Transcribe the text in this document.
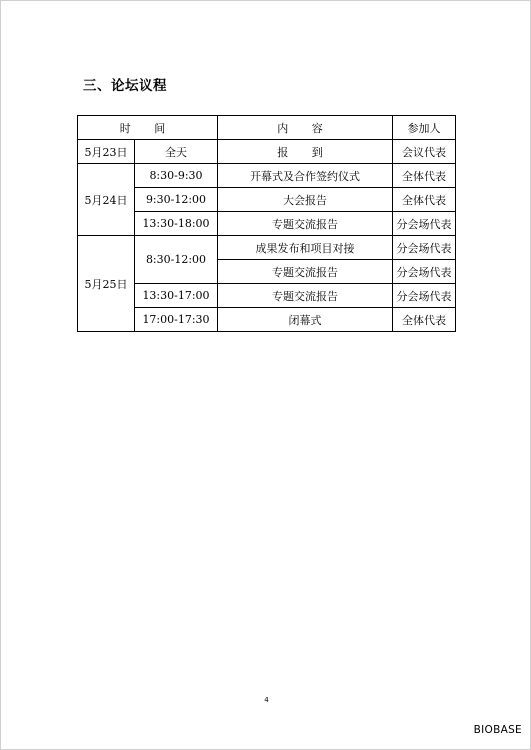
三、论坛议程
时 间		内 容	参加人
5月23日	全天	报 到	会议代表
5月24日	8:30-9:30	开幕式及合作签约仪式	全体代表
	9:30-12:00	大会报告	全体代表
	13:30-18:00	专题交流报告	分会场代表
5月25日	8:30-12:00	成果发布和项目对接	分会场代表
		专题交流报告	分会场代表
	13:30-17:00	专题交流报告	分会场代表
	17:00-17:30	闭幕式	全体代表
4
BIOBASE
